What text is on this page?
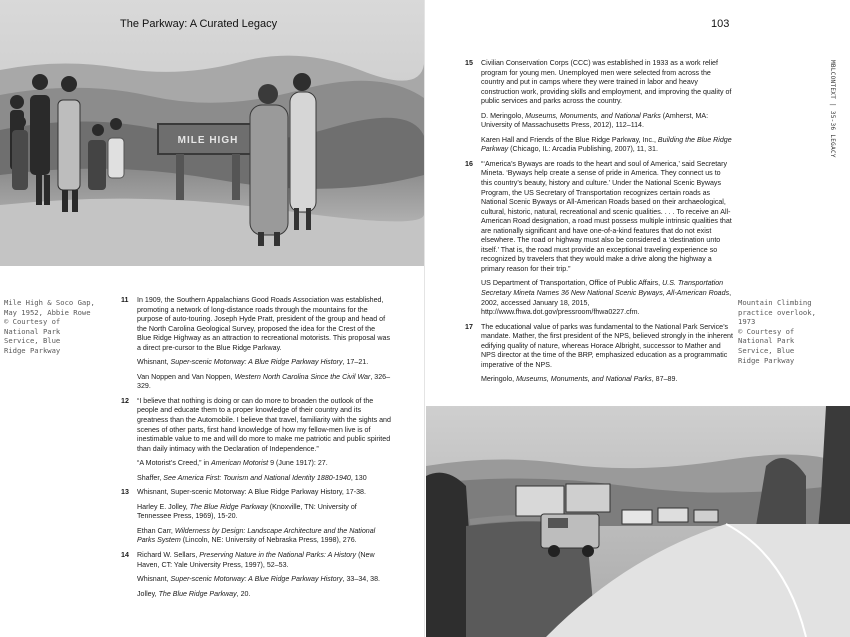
MILE HIGH
The Parkway: A Curated Legacy	103
MBLCONTEXT | 35-36 LEGACY
Mile High & Soco Gap,
May 1952, Abbie Rowe
© Courtesy of
National Park
Service, Blue
Ridge Parkway
Mountain Climbing
practice overlook,
1973
© Courtesy of
National Park
Service, Blue
Ridge Parkway
11 In 1909, the Southern Appalachians Good Roads Association was established, promoting a network of long-distance roads through the mountains for the purpose of auto-touring. Joseph Hyde Pratt, president of the group and head of the North Carolina Geological Survey, proposed the idea for the Crest of the Blue Ridge Highway as an attraction to recreational motorists. This proposal was a direct pre-cursor to the Blue Ridge Parkway.

Whisnant, Super-scenic Motorway: A Blue Ridge Parkway History, 17–21.

Van Noppen and Van Noppen, Western North Carolina Since the Civil War, 326–329.

12 “I believe that nothing is doing or can do more to broaden the outlook of the people and educate them to a proper knowledge of their country and its greatness than the Automobile. I believe that travel, familiarity with the sights and scenes of other parts, first hand knowledge of how my fellow-men live is of inestimable value to me and will do more to make me patriotic and public spirited than daily intimacy with the Declaration of Independence.”

“A Motorist’s Creed,” in American Motorist 9 (June 1917): 27.

Shaffer, See America First: Tourism and National Identity 1880-1940, 130

13 Whisnant, Super-scenic Motorway: A Blue Ridge Parkway History, 17-38.

Harley E. Jolley, The Blue Ridge Parkway (Knoxville, TN: University of Tennessee Press, 1969), 15-20.

Ethan Carr, Wilderness by Design: Landscape Architecture and the National Parks System (Lincoln, NE: University of Nebraska Press, 1998), 276.

14 Richard W. Sellars, Preserving Nature in the National Parks: A History (New Haven, CT: Yale University Press, 1997), 52–53.

Whisnant, Super-scenic Motorway: A Blue Ridge Parkway History, 33–34, 38.

Jolley, The Blue Ridge Parkway, 20.

15 Civilian Conservation Corps (CCC) was established in 1933 as a work relief program for young men. Unemployed men were selected from across the country and put in camps where they were trained in labor and heavy construction work, providing skills and employment, and improving the quality of public services and parks across the country.

D. Meringolo, Museums, Monuments, and National Parks (Amherst, MA: University of Massachusetts Press, 2012), 112–114.

Karen Hall and Friends of the Blue Ridge Parkway, Inc., Building the Blue Ridge Parkway (Chicago, IL: Arcadia Publishing, 2007), 11, 31.

16 “‘America’s Byways are roads to the heart and soul of America,’ said Secretary Mineta. ‘Byways help create a sense of pride in America. They connect us to this country’s beauty, history and culture.’ Under the National Scenic Byways Program, the US Secretary of Transportation recognizes certain roads as National Scenic Byways or All-American Roads based on their archaeological, cultural, historic, natural, recreational and scenic qualities. . . . To receive an All-American Road designation, a road must possess multiple intrinsic qualities that are nationally significant and have one-of-a-kind features that do not exist elsewhere. The road or highway must also be considered a ‘destination unto itself.’ That is, the road must provide an exceptional traveling experience so recognized by travelers that they would make a drive along the highway a primary reason for their trip.”

US Department of Transportation, Office of Public Affairs, U.S. Transportation Secretary Mineta Names 36 New National Scenic Byways, All-American Roads, 2002, accessed January 18, 2015, http://www.fhwa.dot.gov/pressroom/fhwa0227.cfm.

17 The educational value of parks was fundamental to the National Park Service’s mandate. Mather, the first president of the NPS, believed strongly in the inherent edifying quality of nature, whereas Horace Albright, successor to Mather and NPS director at the time of the BRP, emphasized education as a programmatic imperative of the NPS.

Meringolo, Museums, Monuments, and National Parks, 87–89.
